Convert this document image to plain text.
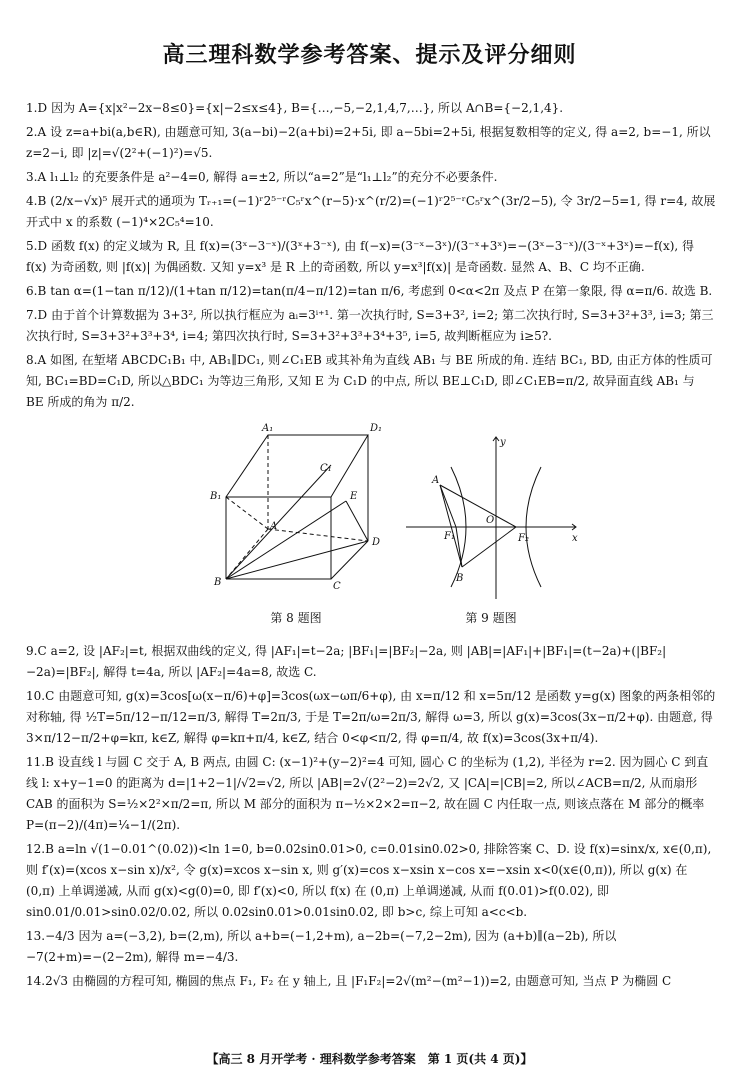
高三理科数学参考答案、提示及评分细则
1.D 因为 A={x|x²−2x−8≤0}={x|−2≤x≤4}, B={…,−5,−2,1,4,7,…}, 所以 A∩B={−2,1,4}.
2.A 设 z=a+bi(a,b∈R), 由题意可知, 3(a−bi)−2(a+bi)=2+5i, 即 a−5bi=2+5i, 根据复数相等的定义, 得 a=2, b=−1, 所以 z=2−i, 即 |z|=√(2²+(−1)²)=√5.
3.A l₁⊥l₂ 的充要条件是 a²−4=0, 解得 a=±2, 所以“a=2”是“l₁⊥l₂”的充分不必要条件.
4.B (2/x−√x)⁵ 展开式的通项为 Tᵣ₊₁=(−1)ʳ2⁵⁻ʳC₅ʳx^(r−5)·x^(r/2)=(−1)ʳ2⁵⁻ʳC₅ʳx^(3r/2−5), 令 3r/2−5=1, 得 r=4, 故展开式中 x 的系数 (−1)⁴×2C₅⁴=10.
5.D 函数 f(x) 的定义域为 R, 且 f(x)=(3ˣ−3⁻ˣ)/(3ˣ+3⁻ˣ), 由 f(−x)=(3⁻ˣ−3ˣ)/(3⁻ˣ+3ˣ)=−(3ˣ−3⁻ˣ)/(3⁻ˣ+3ˣ)=−f(x), 得 f(x) 为奇函数, 则 |f(x)| 为偶函数. 又知 y=x³ 是 R 上的奇函数, 所以 y=x³|f(x)| 是奇函数. 显然 A、B、C 均不正确.
6.B tan α=(1−tan π/12)/(1+tan π/12)=tan(π/4−π/12)=tan π/6, 考虑到 0<α<2π 及点 P 在第一象限, 得 α=π/6. 故选 B.
7.D 由于首个计算数据为 3+3², 所以执行框应为 aᵢ=3ⁱ⁺¹. 第一次执行时, S=3+3², i=2; 第二次执行时, S=3+3²+3³, i=3; 第三次执行时, S=3+3²+3³+3⁴, i=4; 第四次执行时, S=3+3²+3³+3⁴+3⁵, i=5, 故判断框应为 i≥5?.
8.A 如图, 在堑堵 ABCDC₁B₁ 中, AB₁∥DC₁, 则∠C₁EB 或其补角为直线 AB₁ 与 BE 所成的角. 连结 BC₁, BD, 由正方体的性质可知, BC₁=BD=C₁D, 所以△BDC₁ 为等边三角形, 又知 E 为 C₁D 的中点, 所以 BE⊥C₁D, 即∠C₁EB=π/2, 故异面直线 AB₁ 与 BE 所成的角为 π/2.
A₁	D₁
B₁
C₁
E
A
D
B	C
第 8 题图
y
x
O
A
B
F₁	F₂
第 9 题图
9.C a=2, 设 |AF₂|=t, 根据双曲线的定义, 得 |AF₁|=t−2a; |BF₁|=|BF₂|−2a, 则 |AB|=|AF₁|+|BF₁|=(t−2a)+(|BF₂|−2a)=|BF₂|, 解得 t=4a, 所以 |AF₂|=4a=8, 故选 C.
10.C 由题意可知, g(x)=3cos[ω(x−π/6)+φ]=3cos(ωx−ωπ/6+φ), 由 x=π/12 和 x=5π/12 是函数 y=g(x) 图象的两条相邻的对称轴, 得 ½T=5π/12−π/12=π/3, 解得 T=2π/3, 于是 T=2π/ω=2π/3, 解得 ω=3, 所以 g(x)=3cos(3x−π/2+φ). 由题意, 得 3×π/12−π/2+φ=kπ, k∈Z, 解得 φ=kπ+π/4, k∈Z, 结合 0<φ<π/2, 得 φ=π/4, 故 f(x)=3cos(3x+π/4).
11.B 设直线 l 与圆 C 交于 A, B 两点, 由圆 C: (x−1)²+(y−2)²=4 可知, 圆心 C 的坐标为 (1,2), 半径为 r=2. 因为圆心 C 到直线 l: x+y−1=0 的距离为 d=|1+2−1|/√2=√2, 所以 |AB|=2√(2²−2)=2√2, 又 |CA|=|CB|=2, 所以∠ACB=π/2, 从而扇形 CAB 的面积为 S=½×2²×π/2=π, 所以 M 部分的面积为 π−½×2×2=π−2, 故在圆 C 内任取一点, 则该点落在 M 部分的概率 P=(π−2)/(4π)=¼−1/(2π).
12.B a=ln √(1−0.01^(0.02))<ln 1=0, b=0.02sin0.01>0, c=0.01sin0.02>0, 排除答案 C、D. 设 f(x)=sinx/x, x∈(0,π), 则 f′(x)=(xcos x−sin x)/x², 令 g(x)=xcos x−sin x, 则 g′(x)=cos x−xsin x−cos x=−xsin x<0(x∈(0,π)), 所以 g(x) 在 (0,π) 上单调递减, 从而 g(x)<g(0)=0, 即 f′(x)<0, 所以 f(x) 在 (0,π) 上单调递减, 从而 f(0.01)>f(0.02), 即 sin0.01/0.01>sin0.02/0.02, 所以 0.02sin0.01>0.01sin0.02, 即 b>c, 综上可知 a<c<b.
13.−4/3 因为 a=(−3,2), b=(2,m), 所以 a+b=(−1,2+m), a−2b=(−7,2−2m), 因为 (a+b)∥(a−2b), 所以 −7(2+m)=−(2−2m), 解得 m=−4/3.
14.2√3 由椭圆的方程可知, 椭圆的焦点 F₁, F₂ 在 y 轴上, 且 |F₁F₂|=2√(m²−(m²−1))=2, 由题意可知, 当点 P 为椭圆 C
【高三 8 月开学考 · 理科数学参考答案　第 1 页(共 4 页)】
